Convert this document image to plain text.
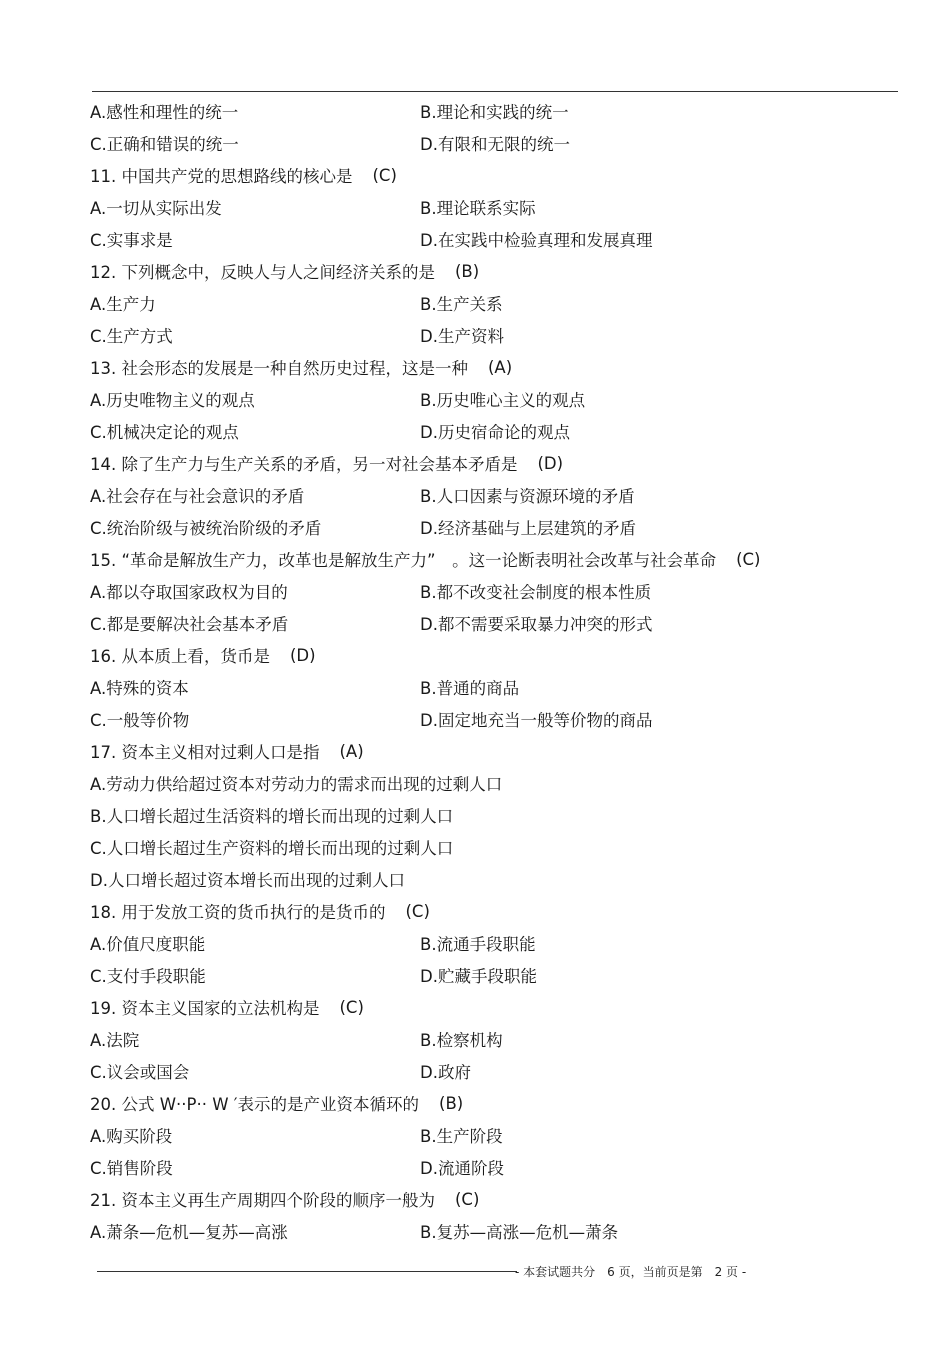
A.感性和理性的统一	B.理论和实践的统一
C.正确和错误的统一	D.有限和无限的统一
11. 中国共产党的思想路线的核心是 (C)
A.一切从实际出发	B.理论联系实际
C.实事求是	D.在实践中检验真理和发展真理
12. 下列概念中，反映人与人之间经济关系的是 (B)
A.生产力	B.生产关系
C.生产方式	D.生产资料
13. 社会形态的发展是一种自然历史过程，这是一种 (A)
A.历史唯物主义的观点	B.历史唯心主义的观点
C.机械决定论的观点	D.历史宿命论的观点
14. 除了生产力与生产关系的矛盾，另一对社会基本矛盾是 (D)
A.社会存在与社会意识的矛盾	B.人口因素与资源环境的矛盾
C.统治阶级与被统治阶级的矛盾	D.经济基础与上层建筑的矛盾
15. “革命是解放生产力，改革也是解放生产力”　。这一论断表明社会改革与社会革命 (C)
A.都以夺取国家政权为目的	B.都不改变社会制度的根本性质
C.都是要解决社会基本矛盾	D.都不需要采取暴力冲突的形式
16. 从本质上看，货币是 (D)
A.特殊的资本	B.普通的商品
C.一般等价物	D.固定地充当一般等价物的商品
17. 资本主义相对过剩人口是指 (A)
A.劳动力供给超过资本对劳动力的需求而出现的过剩人口
B.人口增长超过生活资料的增长而出现的过剩人口
C.人口增长超过生产资料的增长而出现的过剩人口
D.人口增长超过资本增长而出现的过剩人口
18. 用于发放工资的货币执行的是货币的 (C)
A.价值尺度职能	B.流通手段职能
C.支付手段职能	D.贮藏手段职能
19. 资本主义国家的立法机构是 (C)
A.法院	B.检察机构
C.议会或国会	D.政府
20. 公式 W··P·· W ′表示的是产业资本循环的 (B)
A.购买阶段	B.生产阶段
C.销售阶段	D.流通阶段
21. 资本主义再生产周期四个阶段的顺序一般为 (C)
A.萧条—危机—复苏—高涨	B.复苏—高涨—危机—萧条
- 本套试题共分　6 页，当前页是第　2 页 -
